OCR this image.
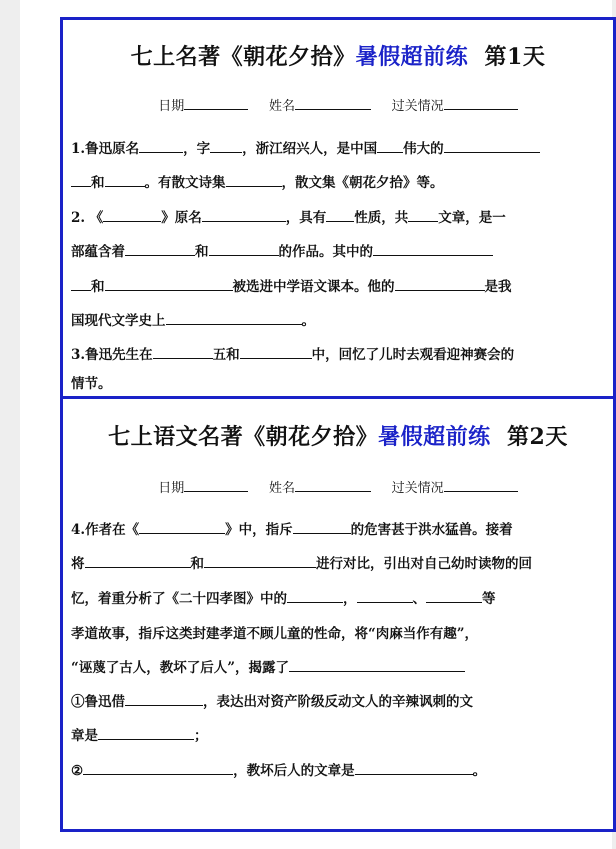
七上名著《朝花夕拾》暑假超前练 第1天
日期	姓名	过关情况
1.鲁迅原名	，字 ，浙江绍兴人，是中国 伟大的
和	。有散文诗集	，散文集《朝花夕拾》等。
2. 《	》原名	，具有 性质，共 文章，是一
部蕴含着	和	的作品。其中的
和	被选进中学语文课本。他的	是我
国现代文学史上	。
3.鲁迅先生在	五和	中，回忆了儿时去观看迎神赛会的
情节。
七上语文名著《朝花夕拾》暑假超前练 第2天
日期	姓名	过关情况
4.作者在《	》中，指斥	的危害甚于洪水猛兽。接着
将	和	进行对比，引出对自己幼时读物的回
忆，着重分析了《二十四孝图》中的	，	、	等
孝道故事，指斥这类封建孝道不顾儿童的性命，将“肉麻当作有趣”，
“诬蔑了古人，教坏了后人”，揭露了
①鲁迅借	，表达出对资产阶级反动文人的辛辣讽刺的文
章是	；
②	，教坏后人的文章是	。
